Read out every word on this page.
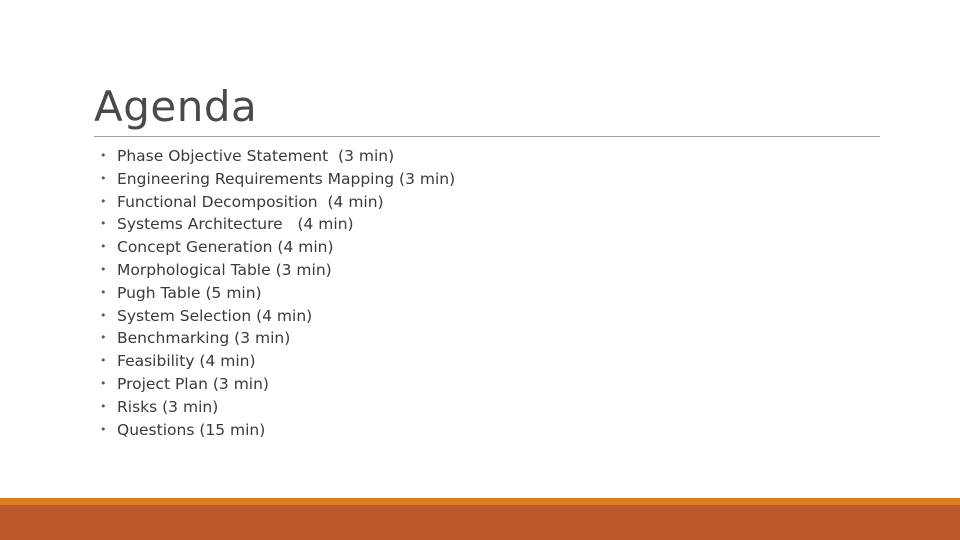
Agenda
• Phase Objective Statement  (3 min)
• Engineering Requirements Mapping (3 min)
• Functional Decomposition  (4 min)
• Systems Architecture   (4 min)
• Concept Generation (4 min)
• Morphological Table (3 min)
• Pugh Table (5 min)
• System Selection (4 min)
• Benchmarking (3 min)
• Feasibility (4 min)
• Project Plan (3 min)
• Risks (3 min)
• Questions (15 min)
